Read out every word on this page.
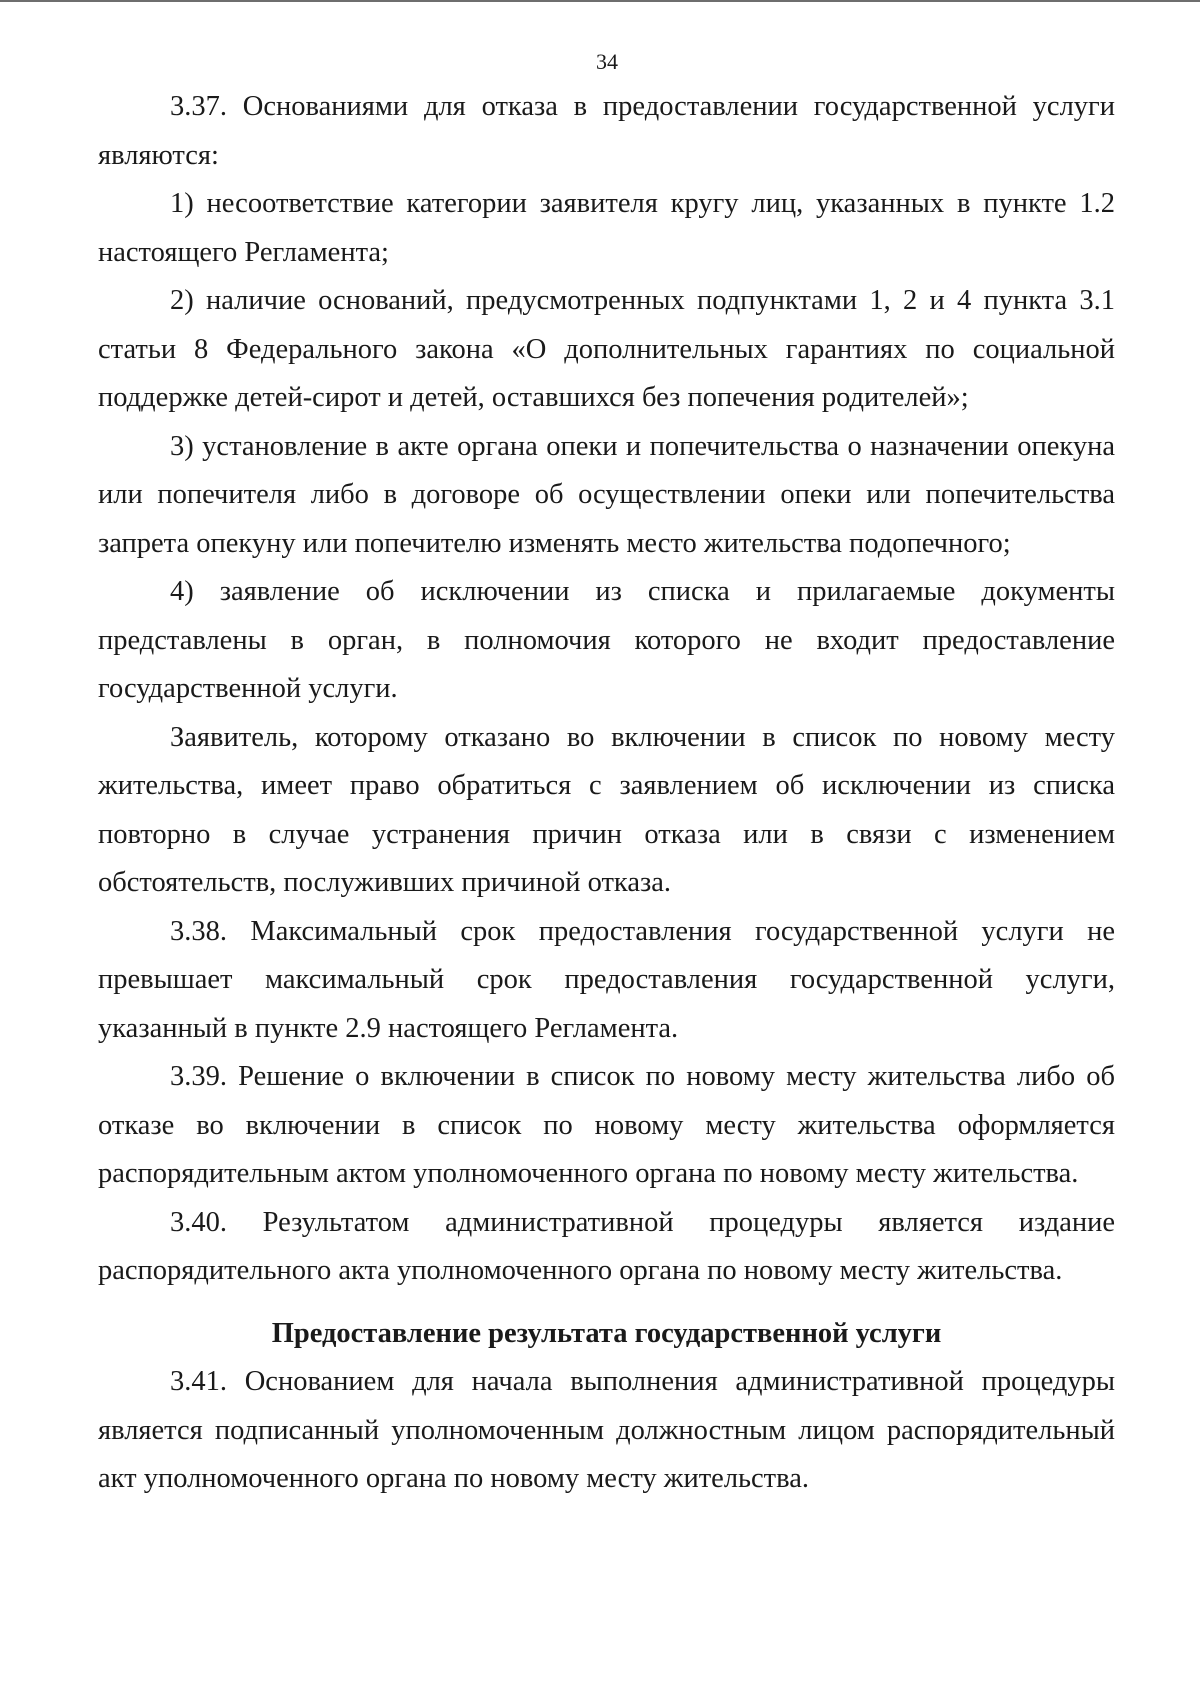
34

3.37. Основаниями для отказа в предоставлении государственной услуги являются:

1) несоответствие категории заявителя кругу лиц, указанных в пункте 1.2 настоящего Регламента;

2) наличие оснований, предусмотренных подпунктами 1, 2 и 4 пункта 3.1 статьи 8 Федерального закона «О дополнительных гарантиях по социальной поддержке детей-сирот и детей, оставшихся без попечения родителей»;

3) установление в акте органа опеки и попечительства о назначении опекуна или попечителя либо в договоре об осуществлении опеки или попечительства запрета опекуну или попечителю изменять место жительства подопечного;

4) заявление об исключении из списка и прилагаемые документы представлены в орган, в полномочия которого не входит предоставление государственной услуги.

Заявитель, которому отказано во включении в список по новому месту жительства, имеет право обратиться с заявлением об исключении из списка повторно в случае устранения причин отказа или в связи с изменением обстоятельств, послуживших причиной отказа.

3.38. Максимальный срок предоставления государственной услуги не превышает максимальный срок предоставления государственной услуги, указанный в пункте 2.9 настоящего Регламента.

3.39. Решение о включении в список по новому месту жительства либо об отказе во включении в список по новому месту жительства оформляется распорядительным актом уполномоченного органа по новому месту жительства.

3.40. Результатом административной процедуры является издание распорядительного акта уполномоченного органа по новому месту жительства.

Предоставление результата государственной услуги

3.41. Основанием для начала выполнения административной процедуры является подписанный уполномоченным должностным лицом распорядительный акт уполномоченного органа по новому месту жительства.
